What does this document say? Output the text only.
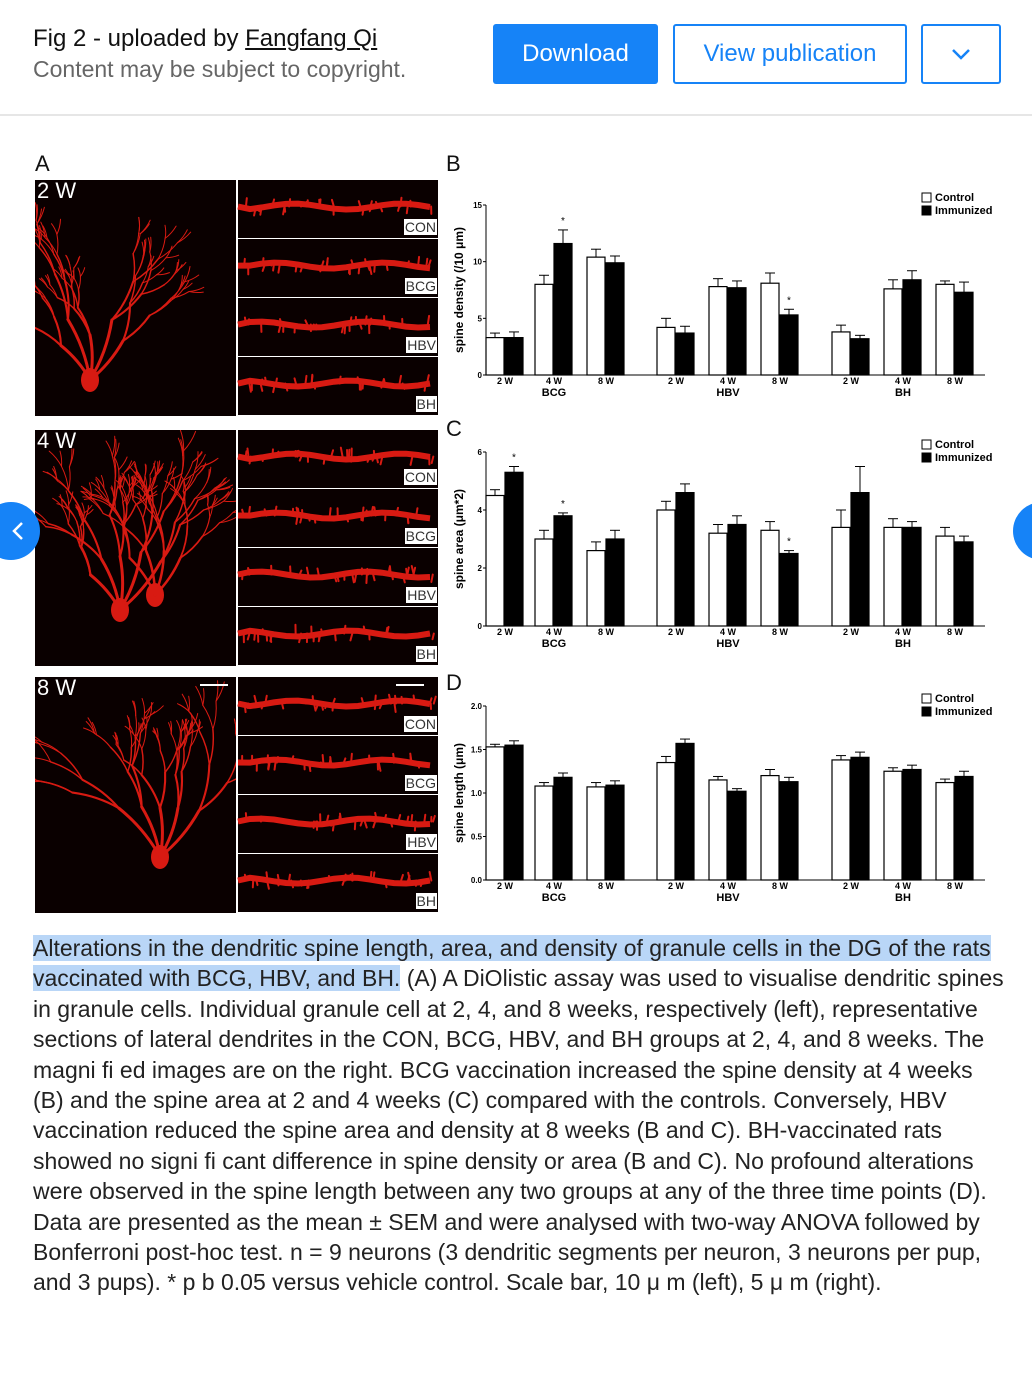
Fig 2 - uploaded by Fangfang Qi
Content may be subject to copyright.
Download	View publication
0
5
10
15
spine density (/10 μm)
2 W
*
4 W	8 W
BCG
2 W	4 W
*
8 W
HBV
2 W	4 W	8 W
BH
Control
Immunized
0
2
4
6
spine area (μm*2)
*
2 W
*
4 W	8 W
BCG
2 W	4 W
*
8 W
HBV
2 W	4 W	8 W
BH
Control
Immunized
0.0
0.5
1.0
1.5
2.0
spine length (μm)
2 W	4 W	8 W
BCG
2 W	4 W	8 W
HBV
2 W	4 W	8 W
BH
Control
Immunized
A
CON
BCG
HBV
BH
2 W
CON
BCG
HBV
BH
4 W
CON
BCG
HBV
BH
8 W
B
C
D
Alterations in the dendritic spine length, area, and density of granule cells in the DG of the rats vaccinated with BCG, HBV, and BH. (A) A DiOlistic assay was used to visualise dendritic spines in granule cells. Individual granule cell at 2, 4, and 8 weeks, respectively (left), representative sections of lateral dendrites in the CON, BCG, HBV, and BH groups at 2, 4, and 8 weeks. The magni fi ed images are on the right. BCG vaccination increased the spine density at 4 weeks (B) and the spine area at 2 and 4 weeks (C) compared with the controls. Conversely, HBV vaccination reduced the spine area and density at 8 weeks (B and C). BH-vaccinated rats showed no signi fi cant difference in spine density or area (B and C). No profound alterations were observed in the spine length between any two groups at any of the three time points (D). Data are presented as the mean ± SEM and were analysed with two-way ANOVA followed by Bonferroni post-hoc test. n = 9 neurons (3 dendritic segments per neuron, 3 neurons per pup, and 3 pups). * p b 0.05 versus vehicle control. Scale bar, 10 μ m (left), 5 μ m (right).
